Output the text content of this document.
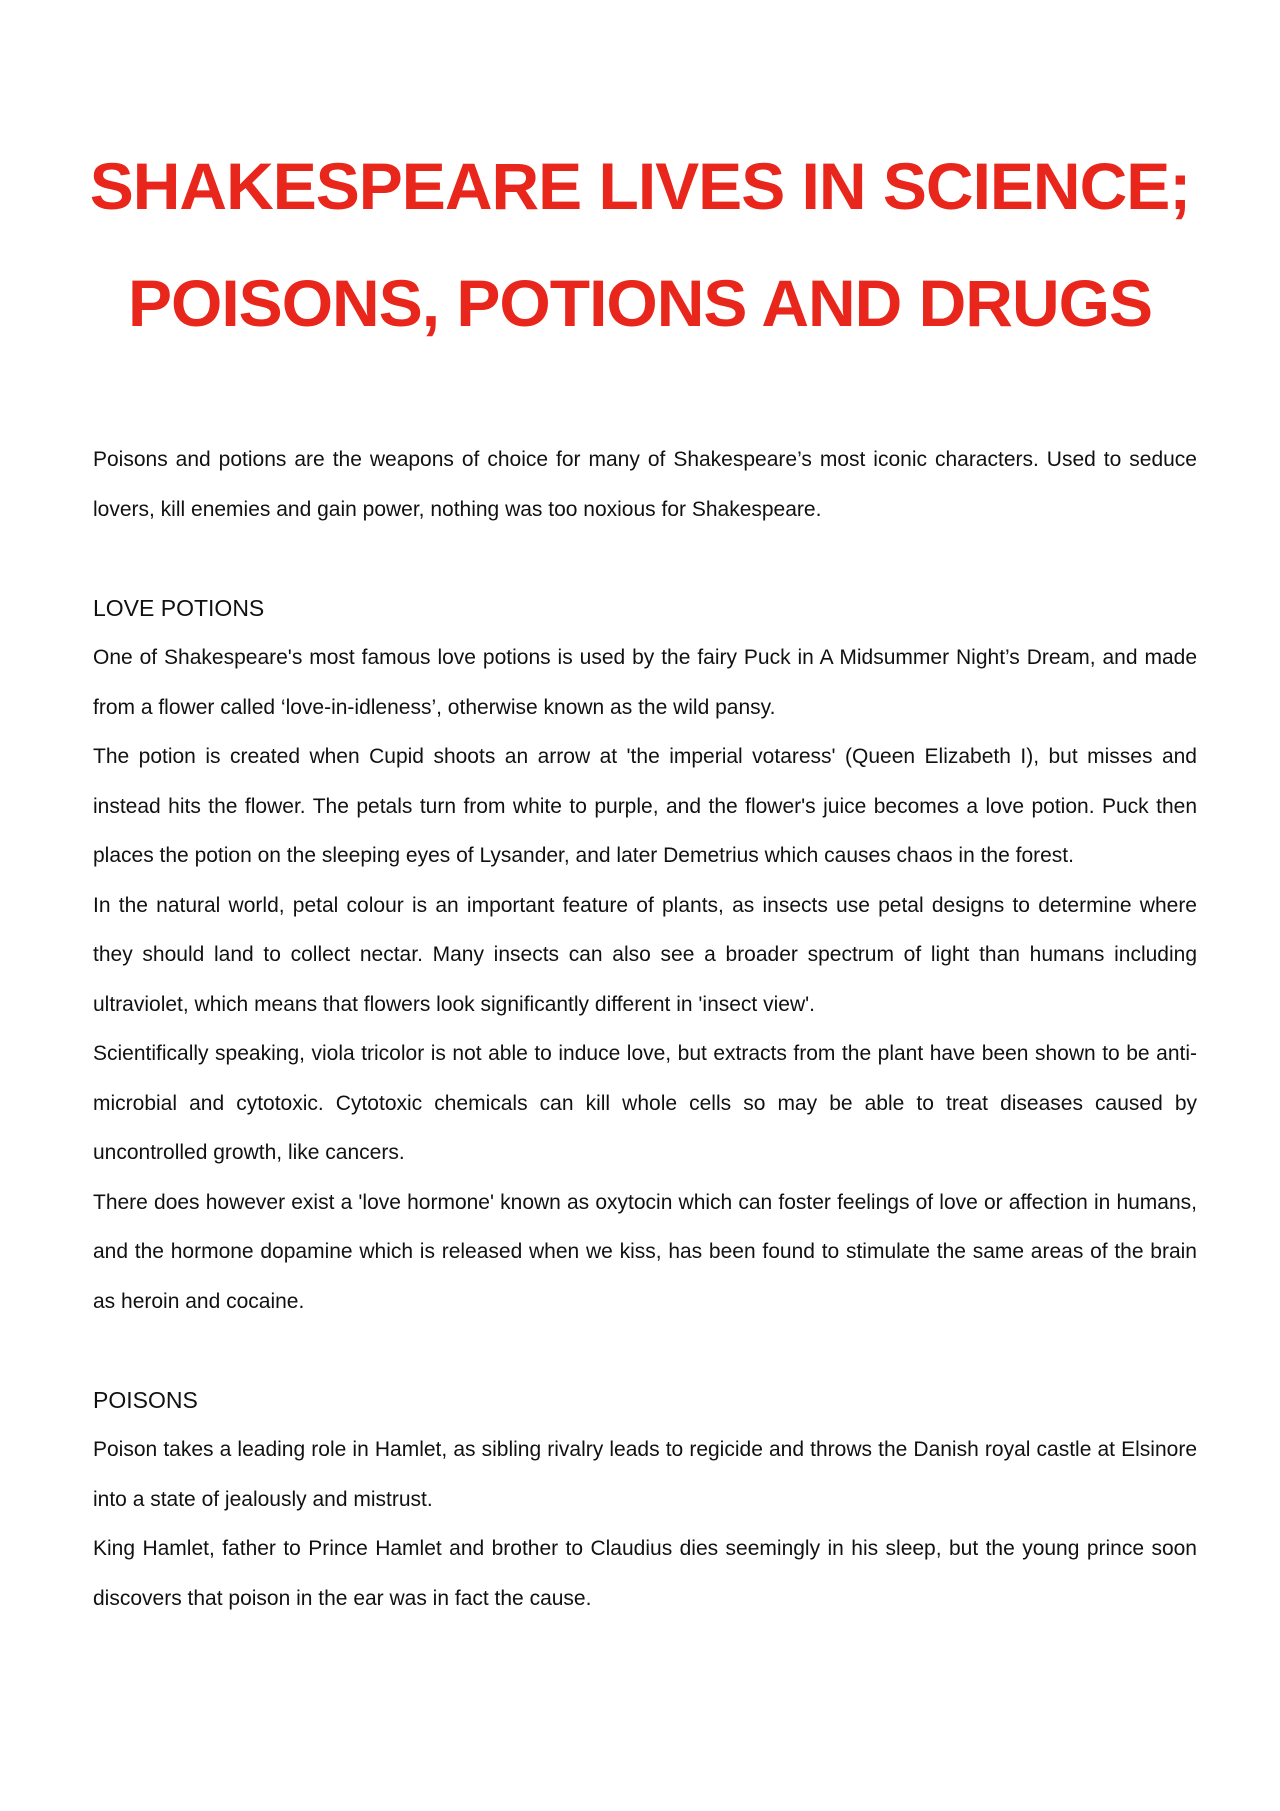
SHAKESPEARE LIVES IN SCIENCE;
POISONS, POTIONS AND DRUGS

Poisons and potions are the weapons of choice for many of Shakespeare’s most iconic characters. Used to seduce lovers, kill enemies and gain power, nothing was too noxious for Shakespeare.

LOVE POTIONS

One of Shakespeare's most famous love potions is used by the fairy Puck in A Midsummer Night’s Dream, and made from a flower called ‘love-in-idleness’, otherwise known as the wild pansy.

The potion is created when Cupid shoots an arrow at 'the imperial votaress' (Queen Elizabeth I), but misses and instead hits the flower. The petals turn from white to purple, and the flower's juice becomes a love potion. Puck then places the potion on the sleeping eyes of Lysander, and later Demetrius which causes chaos in the forest.

In the natural world, petal colour is an important feature of plants, as insects use petal designs to determine where they should land to collect nectar. Many insects can also see a broader spectrum of light than humans including ultraviolet, which means that flowers look significantly different in 'insect view'.

Scientifically speaking, viola tricolor is not able to induce love, but extracts from the plant have been shown to be anti-microbial and cytotoxic. Cytotoxic chemicals can kill whole cells so may be able to treat diseases caused by uncontrolled growth, like cancers.

There does however exist a 'love hormone' known as oxytocin which can foster feelings of love or affection in humans, and the hormone dopamine which is released when we kiss, has been found to stimulate the same areas of the brain as heroin and cocaine.

POISONS

Poison takes a leading role in Hamlet, as sibling rivalry leads to regicide and throws the Danish royal castle at Elsinore into a state of jealously and mistrust.

King Hamlet, father to Prince Hamlet and brother to Claudius dies seemingly in his sleep, but the young prince soon discovers that poison in the ear was in fact the cause.
